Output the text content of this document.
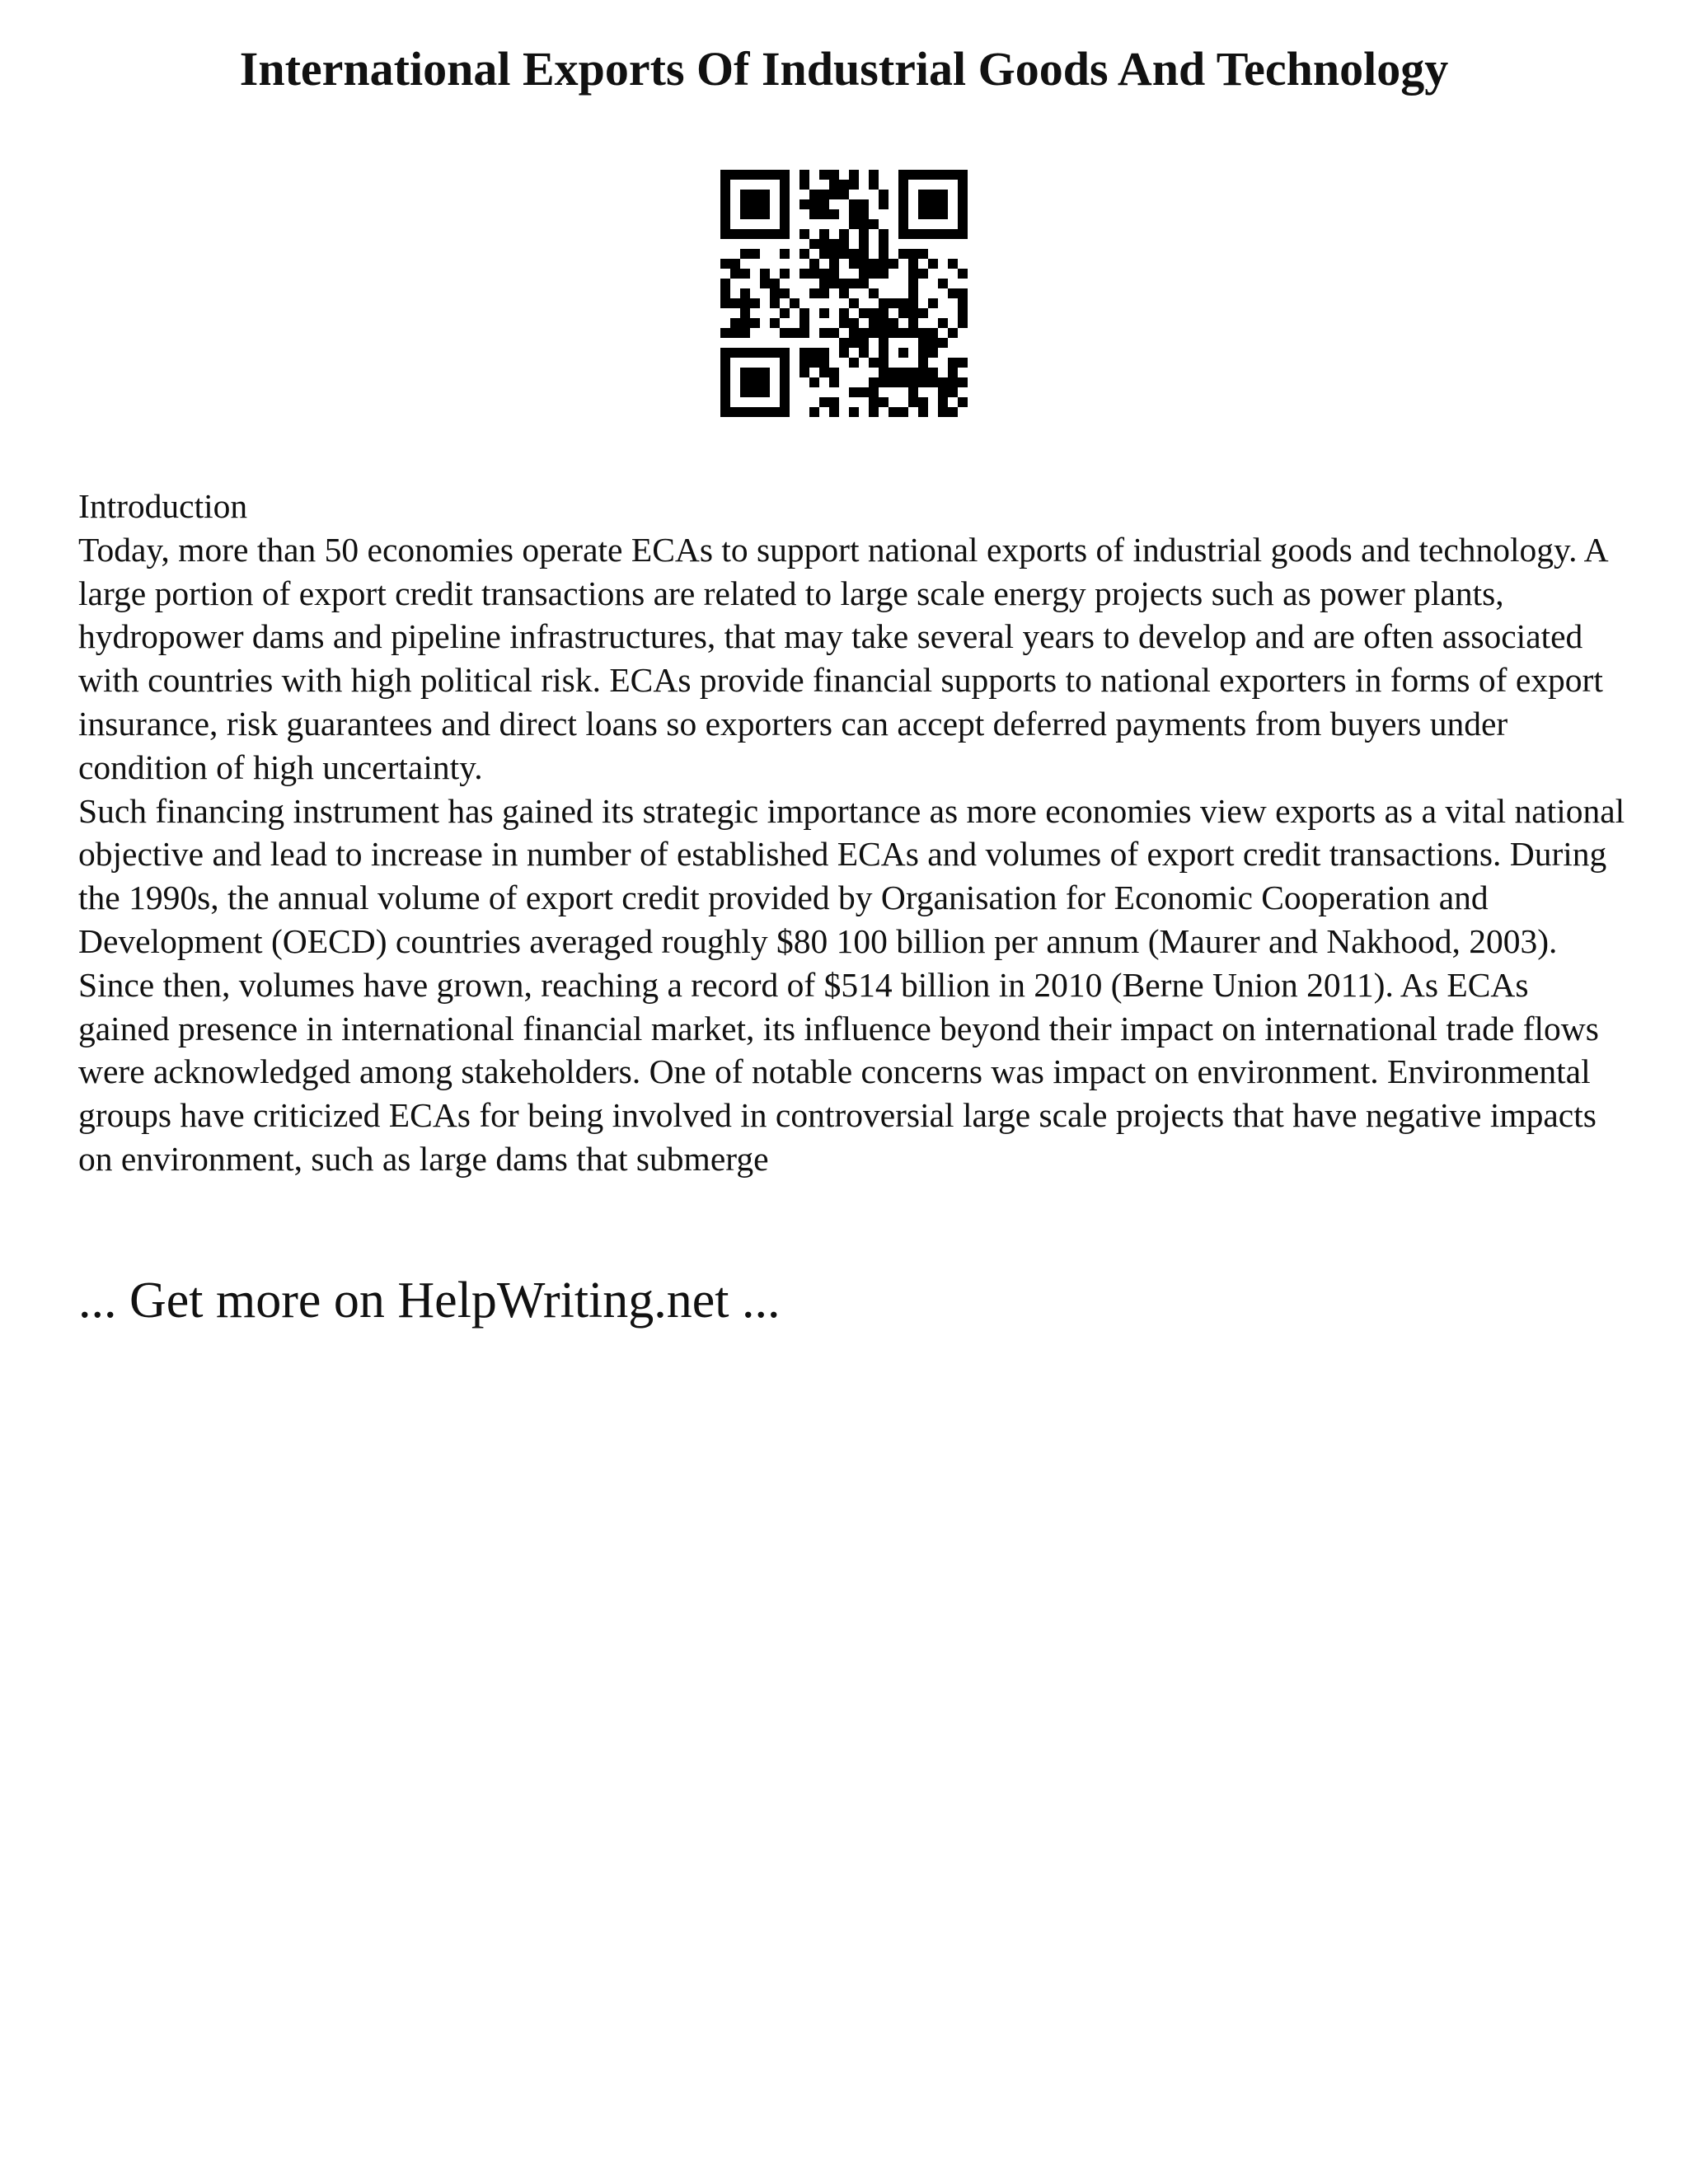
International Exports Of Industrial Goods And Technology

Introduction

Today, more than 50 economies operate ECAs to support national exports of industrial goods and technology. A large portion of export credit transactions are related to large scale energy projects such as power plants, hydropower dams and pipeline infrastructures, that may take several years to develop and are often associated with countries with high political risk. ECAs provide financial supports to national exporters in forms of export insurance, risk guarantees and direct loans so exporters can accept deferred payments from buyers under condition of high uncertainty.

Such financing instrument has gained its strategic importance as more economies view exports as a vital national objective and lead to increase in number of established ECAs and volumes of export credit transactions. During the 1990s, the annual volume of export credit provided by Organisation for Economic Cooperation and Development (OECD) countries averaged roughly $80 100 billion per annum (Maurer and Nakhood, 2003). Since then, volumes have grown, reaching a record of $514 billion in 2010 (Berne Union 2011). As ECAs gained presence in international financial market, its influence beyond their impact on international trade flows were acknowledged among stakeholders. One of notable concerns was impact on environment. Environmental groups have criticized ECAs for being involved in controversial large scale projects that have negative impacts on environment, such as large dams that submerge

... Get more on HelpWriting.net ...
